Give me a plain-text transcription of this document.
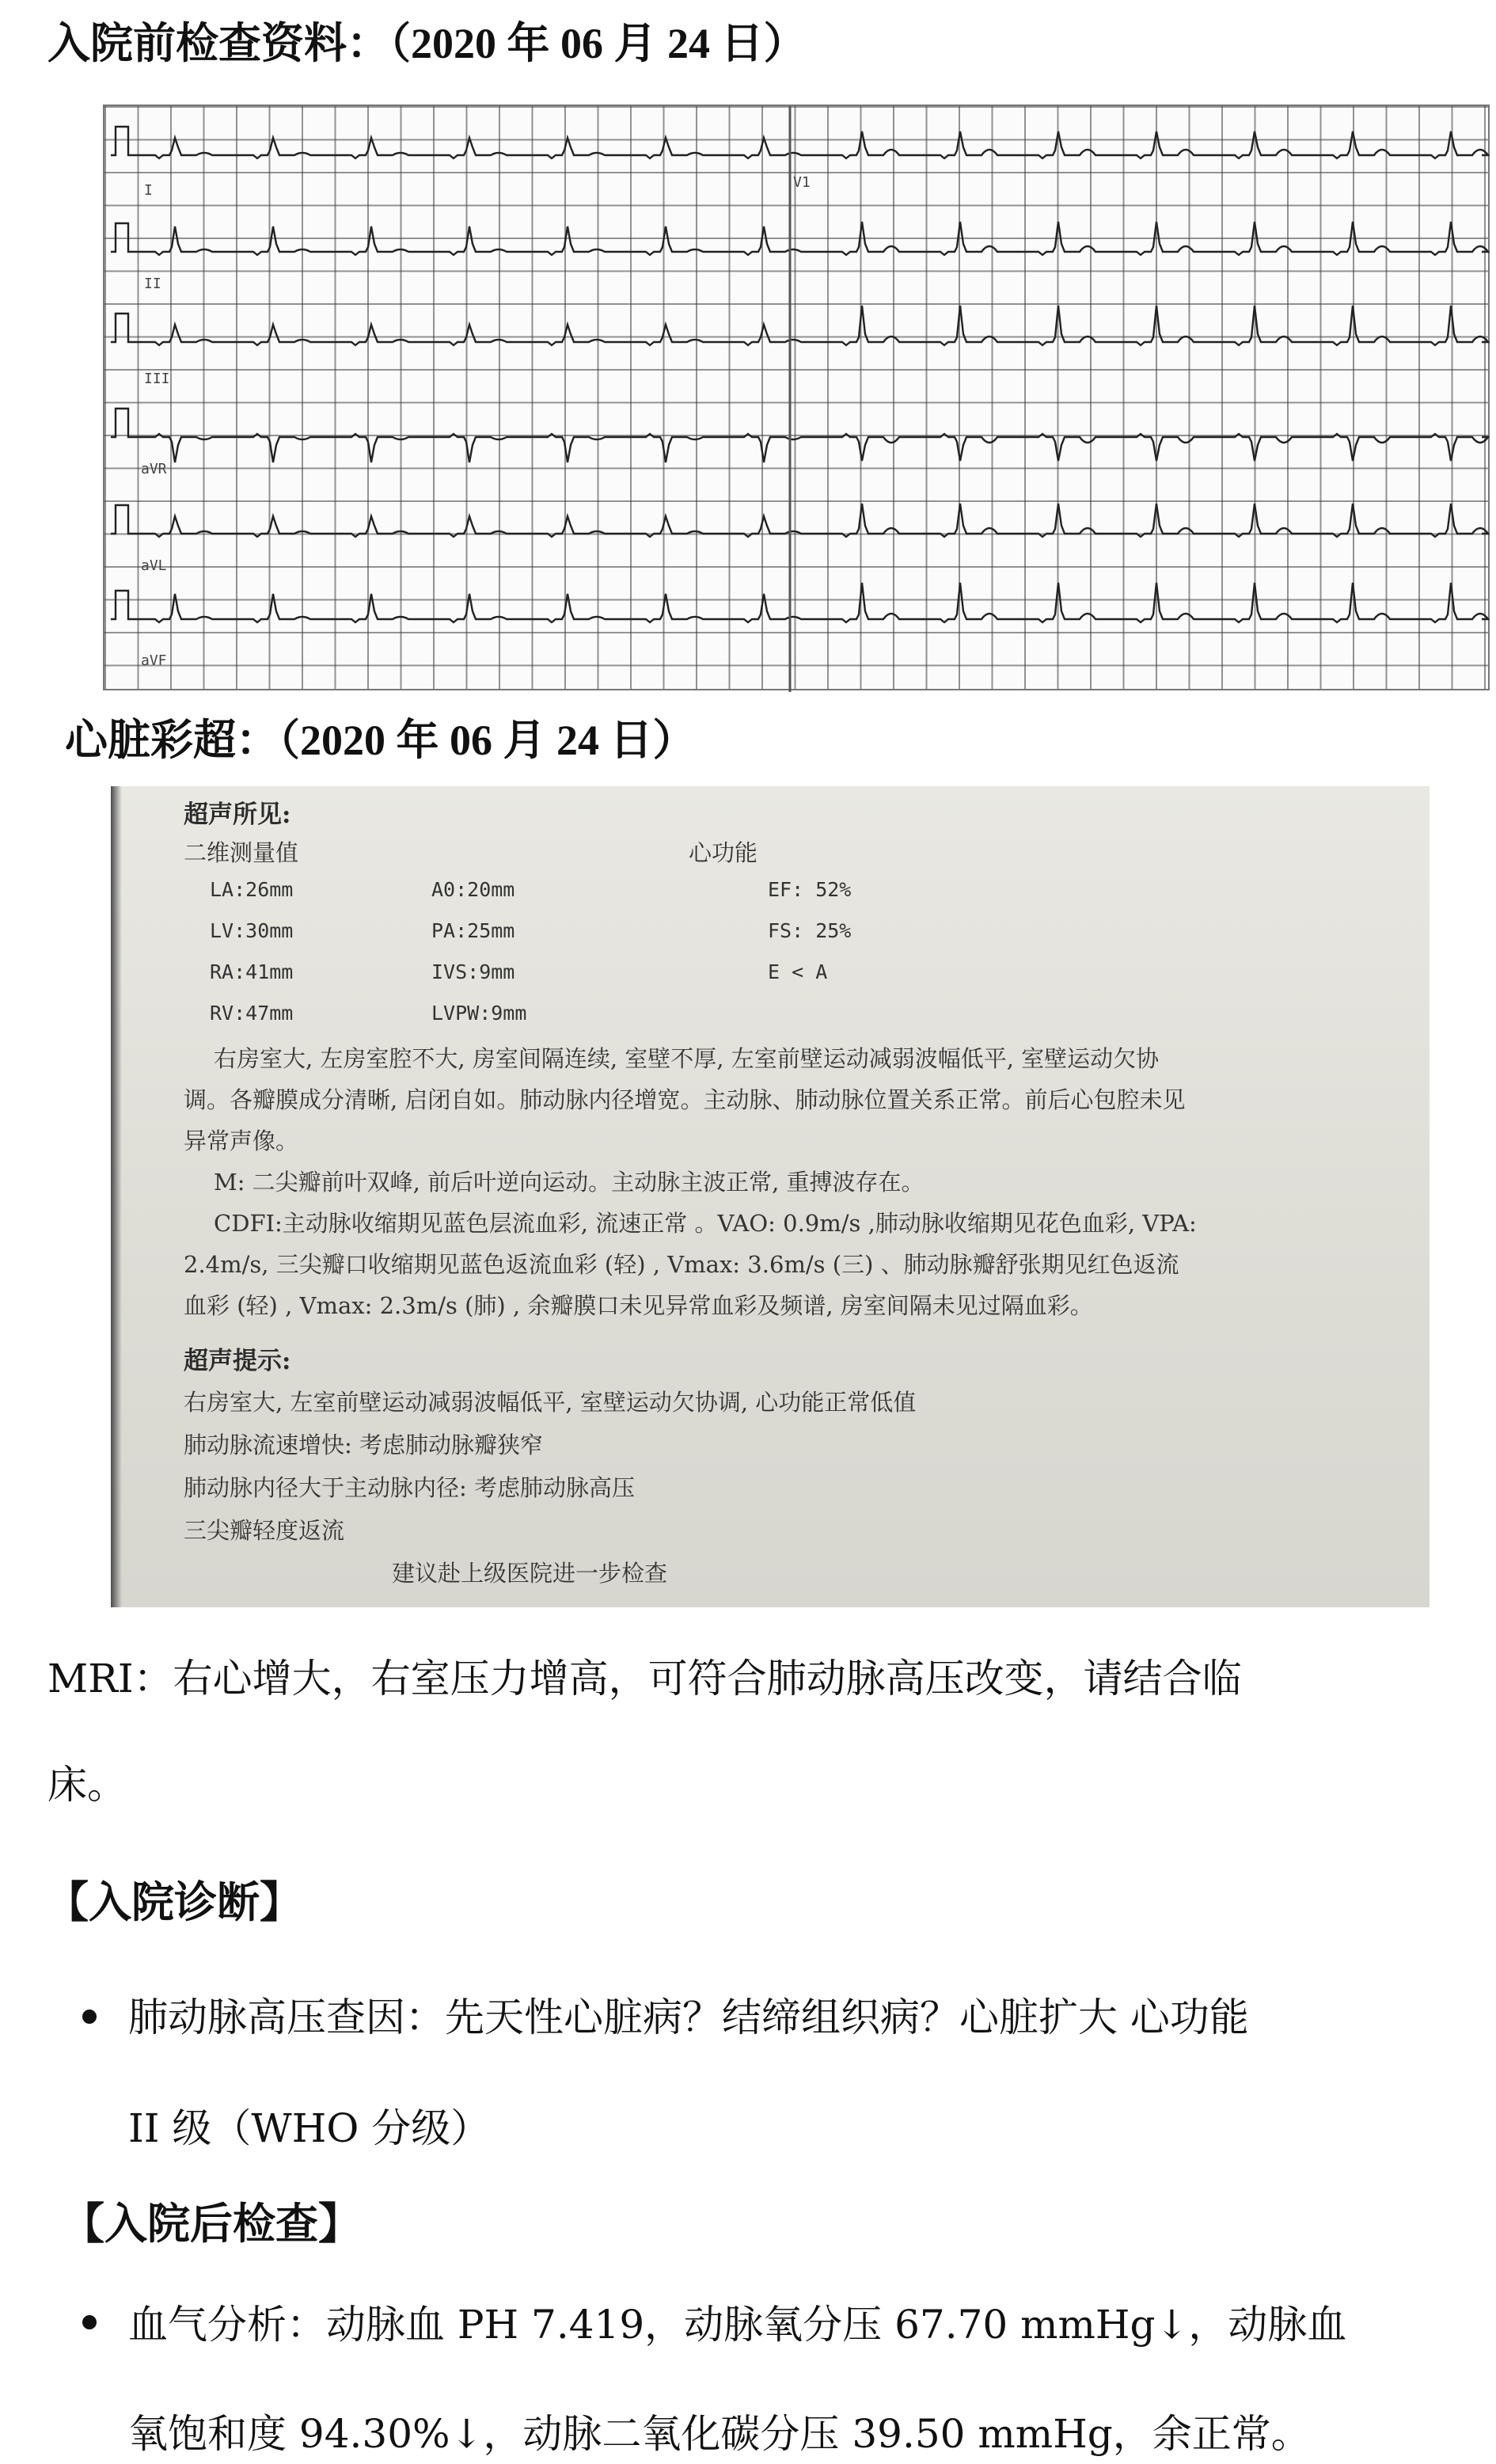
入院前检查资料：（2020 年 06 月 24 日）
I
II
III
aVR
aVL
aVF
V1
心脏彩超：（2020 年 06 月 24 日）
超声所见:
二维测量值	心功能
LA:26mm
LV:30mm
RA:41mm
RV:47mm
A0:20mm
PA:25mm
IVS:9mm
LVPW:9mm
EF: 52%
FS: 25%
E < A
右房室大, 左房室腔不大, 房室间隔连续, 室壁不厚, 左室前壁运动减弱波幅低平, 室壁运动欠协
调。各瓣膜成分清晰, 启闭自如。肺动脉内径增宽。主动脉、肺动脉位置关系正常。前后心包腔未见
异常声像。
M: 二尖瓣前叶双峰, 前后叶逆向运动。主动脉主波正常, 重搏波存在。
CDFI:主动脉收缩期见蓝色层流血彩, 流速正常 。VAO: 0.9m/s ,肺动脉收缩期见花色血彩, VPA:
2.4m/s, 三尖瓣口收缩期见蓝色返流血彩 (轻) , Vmax: 3.6m/s (三) 、肺动脉瓣舒张期见红色返流
血彩 (轻) , Vmax: 2.3m/s (肺) , 余瓣膜口未见异常血彩及频谱, 房室间隔未见过隔血彩。
超声提示:
右房室大, 左室前壁运动减弱波幅低平, 室壁运动欠协调, 心功能正常低值
肺动脉流速增快: 考虑肺动脉瓣狭窄
肺动脉内径大于主动脉内径: 考虑肺动脉高压
三尖瓣轻度返流
建议赴上级医院进一步检查
MRI：右心增大，右室压力增高，可符合肺动脉高压改变，请结合临
床。
【入院诊断】
肺动脉高压查因：先天性心脏病？结缔组织病？心脏扩大 心功能
II 级（WHO 分级）
【入院后检查】
血气分析：动脉血 PH 7.419，动脉氧分压 67.70 mmHg↓，动脉血
氧饱和度 94.30%↓，动脉二氧化碳分压 39.50 mmHg，余正常。
